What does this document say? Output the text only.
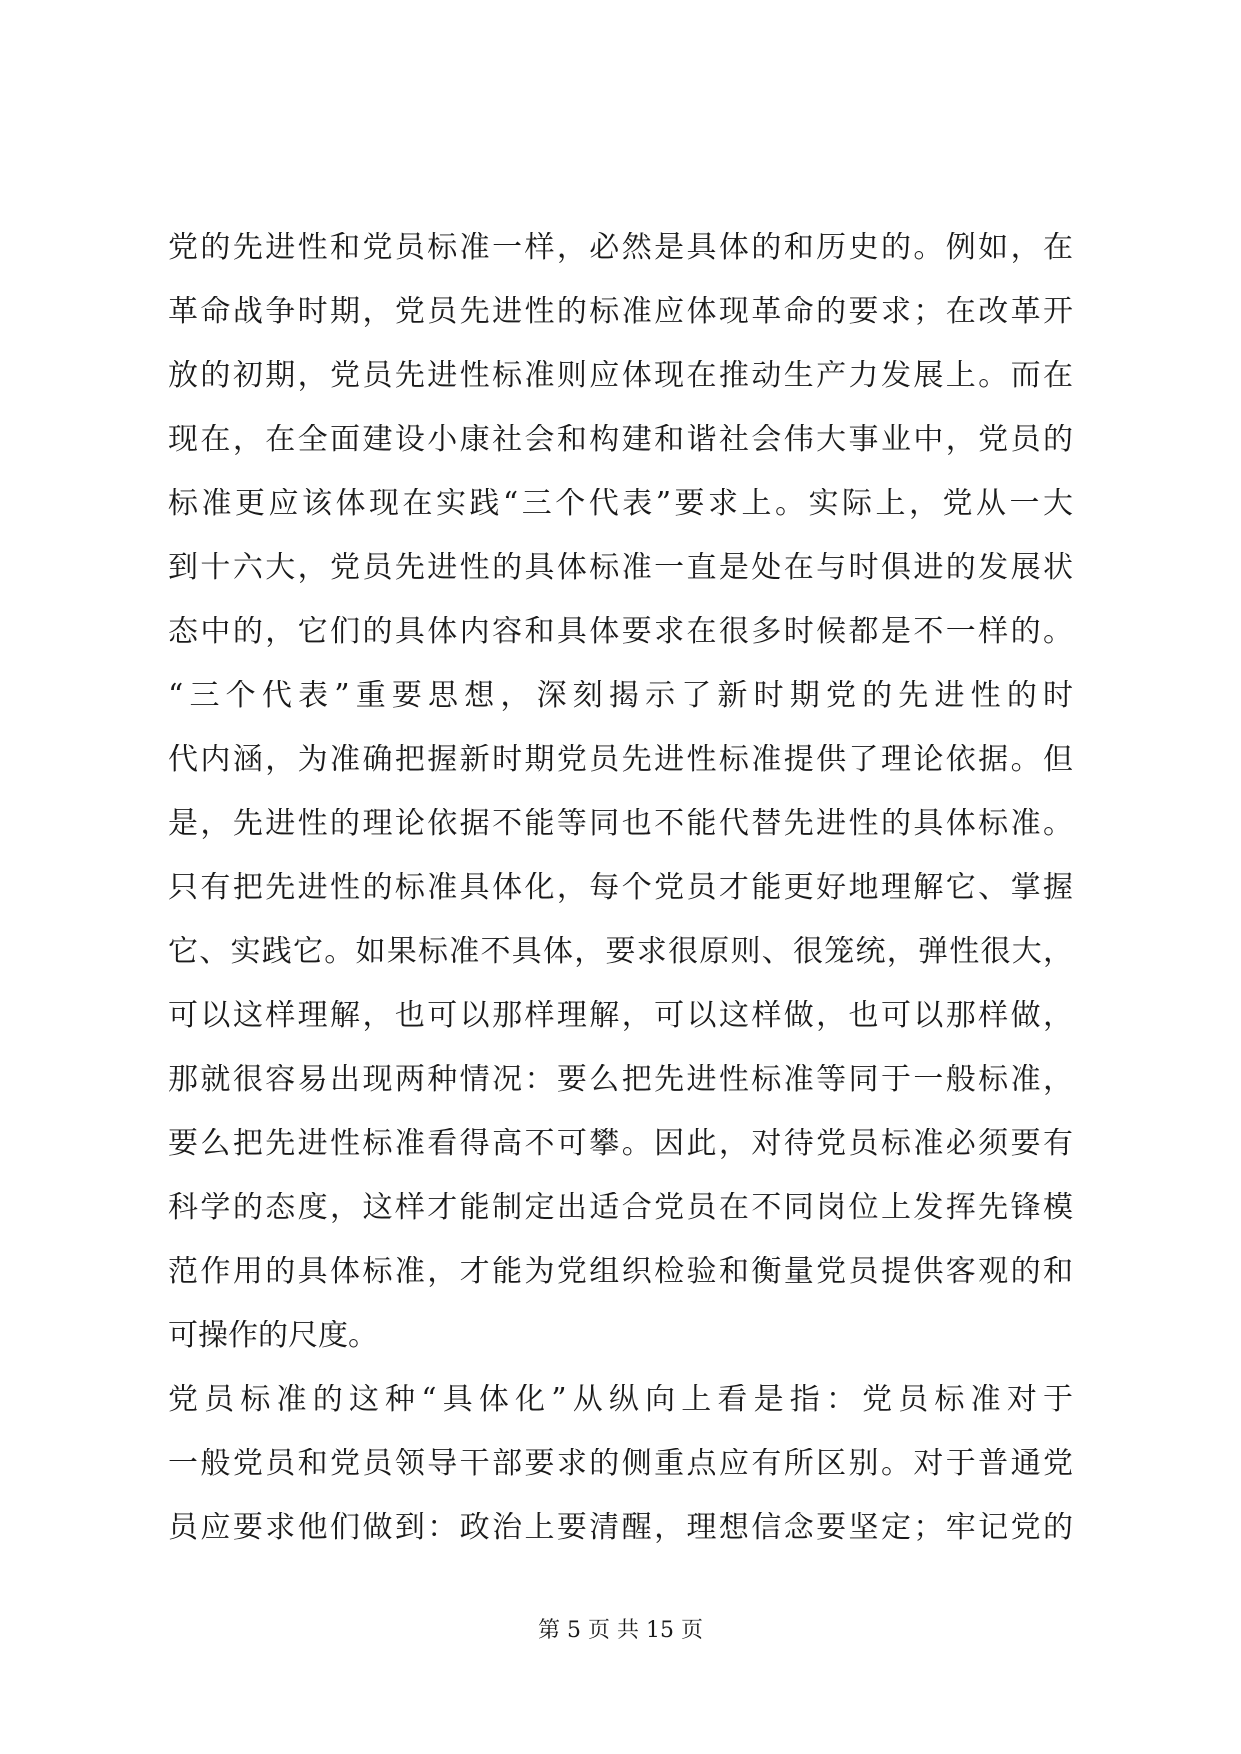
党的先进性和党员标准一样，必然是具体的和历史的。例如，在
革命战争时期，党员先进性的标准应体现革命的要求；在改革开
放的初期，党员先进性标准则应体现在推动生产力发展上。而在
现在，在全面建设小康社会和构建和谐社会伟大事业中，党员的
标准更应该体现在实践“三个代表”要求上。实际上，党从一大
到十六大，党员先进性的具体标准一直是处在与时俱进的发展状
态中的，它们的具体内容和具体要求在很多时候都是不一样的。
“三个代表”重要思想，深刻揭示了新时期党的先进性的时
代内涵，为准确把握新时期党员先进性标准提供了理论依据。但
是，先进性的理论依据不能等同也不能代替先进性的具体标准。
只有把先进性的标准具体化，每个党员才能更好地理解它、掌握
它、实践它。如果标准不具体，要求很原则、很笼统，弹性很大，
可以这样理解，也可以那样理解，可以这样做，也可以那样做，
那就很容易出现两种情况：要么把先进性标准等同于一般标准，
要么把先进性标准看得高不可攀。因此，对待党员标准必须要有
科学的态度，这样才能制定出适合党员在不同岗位上发挥先锋模
范作用的具体标准，才能为党组织检验和衡量党员提供客观的和
可操作的尺度。
党员标准的这种“具体化”从纵向上看是指：党员标准对于
一般党员和党员领导干部要求的侧重点应有所区别。对于普通党
员应要求他们做到：政治上要清醒，理想信念要坚定；牢记党的
第 5 页 共 15 页
